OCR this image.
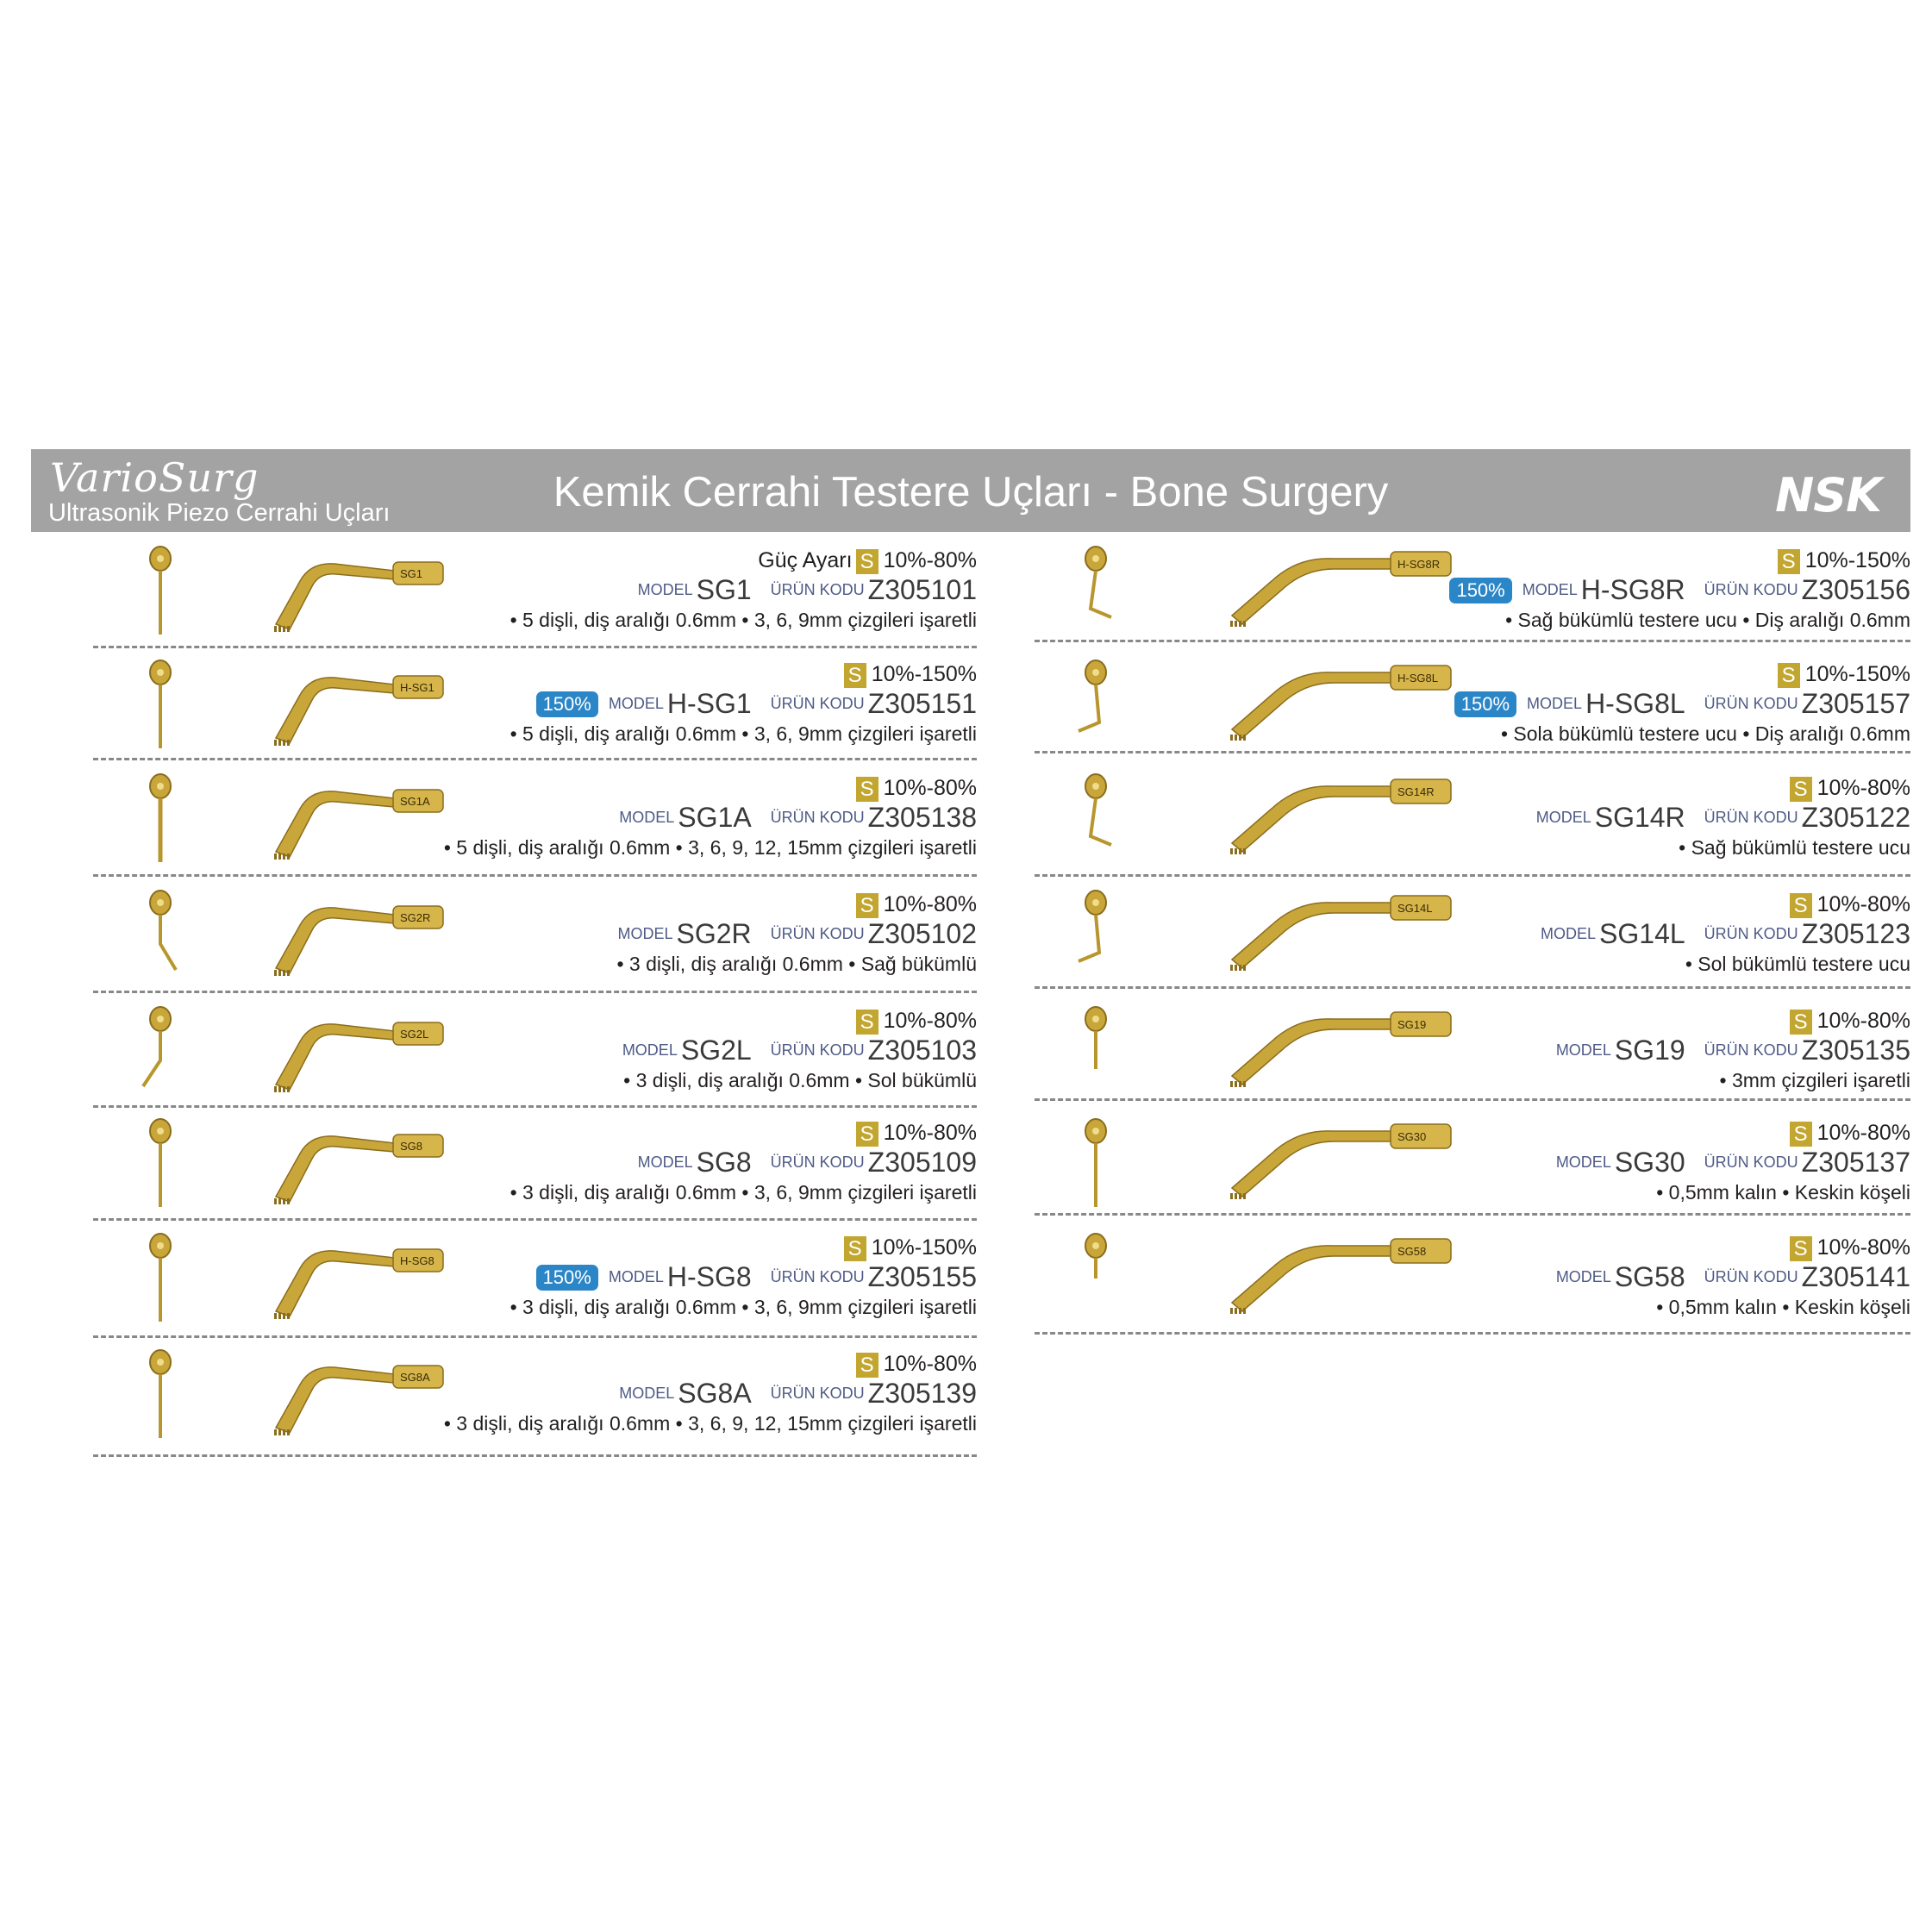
VarioSurg
Ultrasonik Piezo Cerrahi Uçları	Kemik Cerrahi Testere Uçları - Bone Surgery	NSK
SG1
Güç Ayarı S 10%-80%
MODEL SG1 ÜRÜN KODU Z305101
• 5 dişli, diş aralığı 0.6mm • 3, 6, 9mm çizgileri işaretli
H-SG1
S 10%-150%
150% MODEL H-SG1 ÜRÜN KODU Z305151
• 5 dişli, diş aralığı 0.6mm • 3, 6, 9mm çizgileri işaretli
SG1A
S 10%-80%
MODEL SG1A ÜRÜN KODU Z305138
• 5 dişli, diş aralığı 0.6mm • 3, 6, 9, 12, 15mm çizgileri işaretli
SG2R
S 10%-80%
MODEL SG2R ÜRÜN KODU Z305102
• 3 dişli, diş aralığı 0.6mm • Sağ bükümlü
SG2L
S 10%-80%
MODEL SG2L ÜRÜN KODU Z305103
• 3 dişli, diş aralığı 0.6mm • Sol bükümlü
SG8
S 10%-80%
MODEL SG8 ÜRÜN KODU Z305109
• 3 dişli, diş aralığı 0.6mm • 3, 6, 9mm çizgileri işaretli
H-SG8
S 10%-150%
150% MODEL H-SG8 ÜRÜN KODU Z305155
• 3 dişli, diş aralığı 0.6mm • 3, 6, 9mm çizgileri işaretli
SG8A
S 10%-80%
MODEL SG8A ÜRÜN KODU Z305139
• 3 dişli, diş aralığı 0.6mm • 3, 6, 9, 12, 15mm çizgileri işaretli
H-SG8R	S 10%-150%
150% MODEL H-SG8R ÜRÜN KODU Z305156
• Sağ bükümlü testere ucu • Diş aralığı 0.6mm
H-SG8L	S 10%-150%
150% MODEL H-SG8L ÜRÜN KODU Z305157
• Sola bükümlü testere ucu • Diş aralığı 0.6mm
SG14R	S 10%-80%
MODEL SG14R ÜRÜN KODU Z305122
• Sağ bükümlü testere ucu
SG14L	S 10%-80%
MODEL SG14L ÜRÜN KODU Z305123
• Sol bükümlü testere ucu
SG19	S 10%-80%
MODEL SG19 ÜRÜN KODU Z305135
• 3mm çizgileri işaretli
SG30	S 10%-80%
MODEL SG30 ÜRÜN KODU Z305137
• 0,5mm kalın • Keskin köşeli
SG58	S 10%-80%
MODEL SG58 ÜRÜN KODU Z305141
• 0,5mm kalın • Keskin köşeli
